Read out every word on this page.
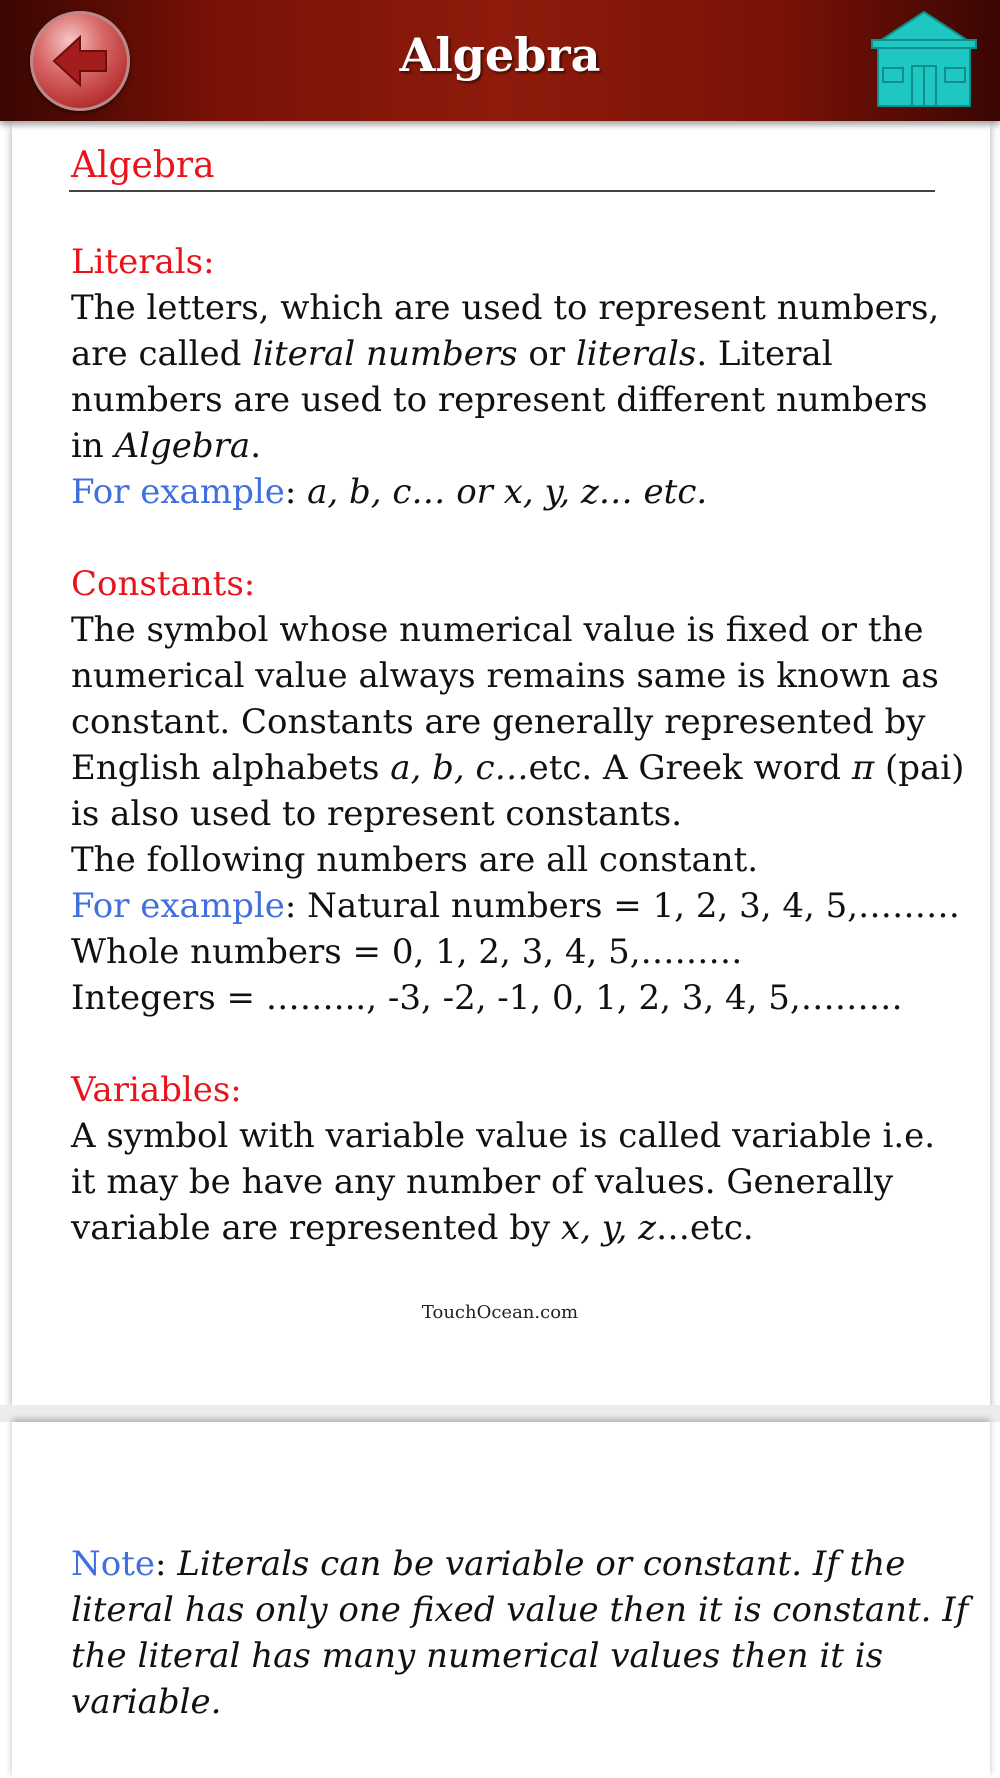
Algebra
Algebra
Literals:
The letters, which are used to represent numbers,
are called literal numbers or literals. Literal
numbers are used to represent different numbers
in Algebra.
For example: a, b, c… or x, y, z… etc.
Constants:
The symbol whose numerical value is fixed or the
numerical value always remains same is known as
constant. Constants are generally represented by
English alphabets a, b, c…etc. A Greek word π (pai)
is also used to represent constants.
The following numbers are all constant.
For example: Natural numbers = 1, 2, 3, 4, 5,………
Whole numbers = 0, 1, 2, 3, 4, 5,………
Integers = ……..., -3, -2, -1, 0, 1, 2, 3, 4, 5,………
Variables:
A symbol with variable value is called variable i.e.
it may be have any number of values. Generally
variable are represented by x, y, z…etc.
TouchOcean.com
Note: Literals can be variable or constant. If the
literal has only one fixed value then it is constant. If
the literal has many numerical values then it is
variable.
